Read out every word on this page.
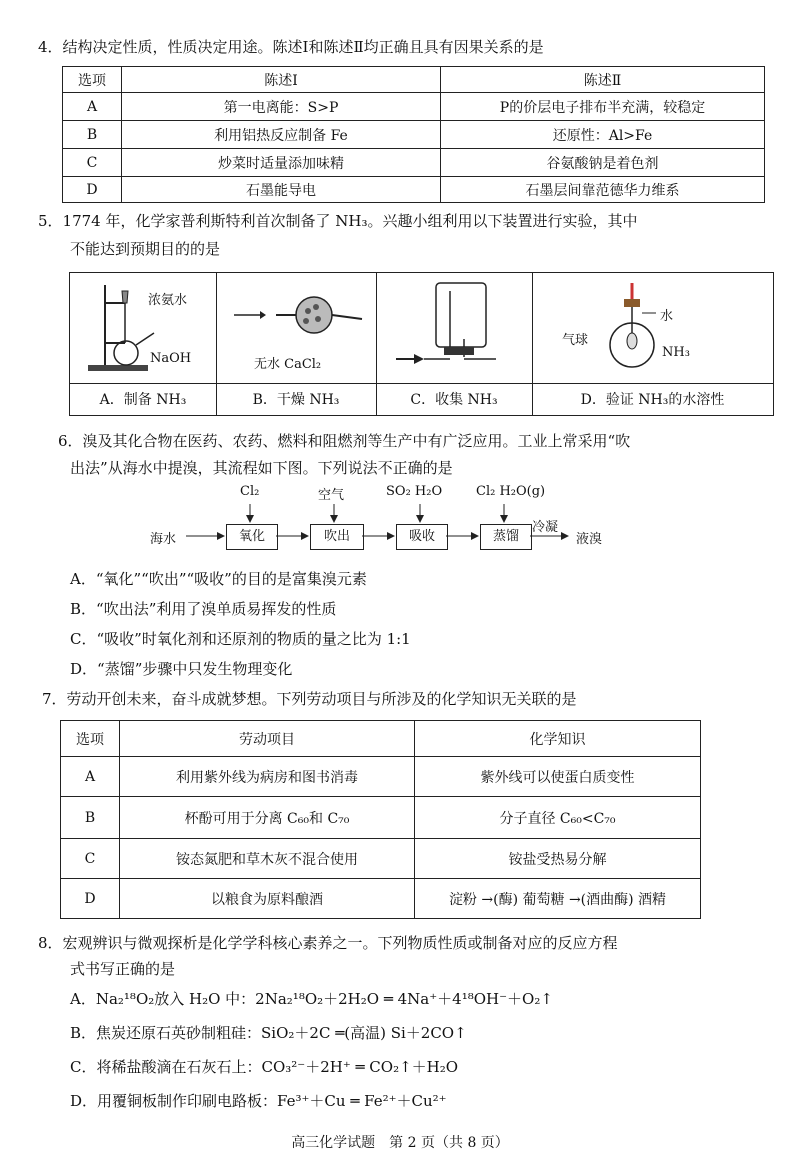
4．结构决定性质，性质决定用途。陈述Ⅰ和陈述Ⅱ均正确且具有因果关系的是
选项	陈述Ⅰ	陈述Ⅱ
A	第一电离能：S>P	P的价层电子排布半充满，较稳定
B	利用铝热反应制备 Fe	还原性：Al>Fe
C	炒菜时适量添加味精	谷氨酸钠是着色剂
D	石墨能导电	石墨层间靠范德华力维系
5．1774 年，化学家普利斯特利首次制备了 NH₃。兴趣小组利用以下装置进行实验，其中
不能达到预期目的的是
浓氨水
NaOH
A．制备 NH₃
无水 CaCl₂
B．干燥 NH₃	C．收集 NH₃
水
气球
NH₃
D．验证 NH₃的水溶性
6．溴及其化合物在医药、农药、燃料和阻燃剂等生产中有广泛应用。工业上常采用“吹
出法”从海水中提溴，其流程如下图。下列说法不正确的是
海水	氧化	吹出	吸收	蒸馏
Cl₂	空气	SO₂ H₂O	Cl₂ H₂O(g)
冷凝
液溴
A．“氧化”“吹出”“吸收”的目的是富集溴元素
B．“吹出法”利用了溴单质易挥发的性质
C．“吸收”时氧化剂和还原剂的物质的量之比为 1:1
D．“蒸馏”步骤中只发生物理变化
7．劳动开创未来，奋斗成就梦想。下列劳动项目与所涉及的化学知识无关联的是
选项	劳动项目	化学知识
A	利用紫外线为病房和图书消毒	紫外线可以使蛋白质变性
B	杯酚可用于分离 C₆₀和 C₇₀	分子直径 C₆₀<C₇₀
C	铵态氮肥和草木灰不混合使用	铵盐受热易分解
D	以粮食为原料酿酒	淀粉 →(酶) 葡萄糖 →(酒曲酶) 酒精
8．宏观辨识与微观探析是化学学科核心素养之一。下列物质性质或制备对应的反应方程
式书写正确的是
A．Na₂¹⁸O₂放入 H₂O 中：2Na₂¹⁸O₂＋2H₂O ═ 4Na⁺＋4¹⁸OH⁻＋O₂↑
B．焦炭还原石英砂制粗硅：SiO₂＋2C ═(高温) Si＋2CO↑
C．将稀盐酸滴在石灰石上：CO₃²⁻＋2H⁺ ═ CO₂↑＋H₂O
D．用覆铜板制作印刷电路板：Fe³⁺＋Cu ═ Fe²⁺＋Cu²⁺
高三化学试题　第 2 页（共 8 页）
